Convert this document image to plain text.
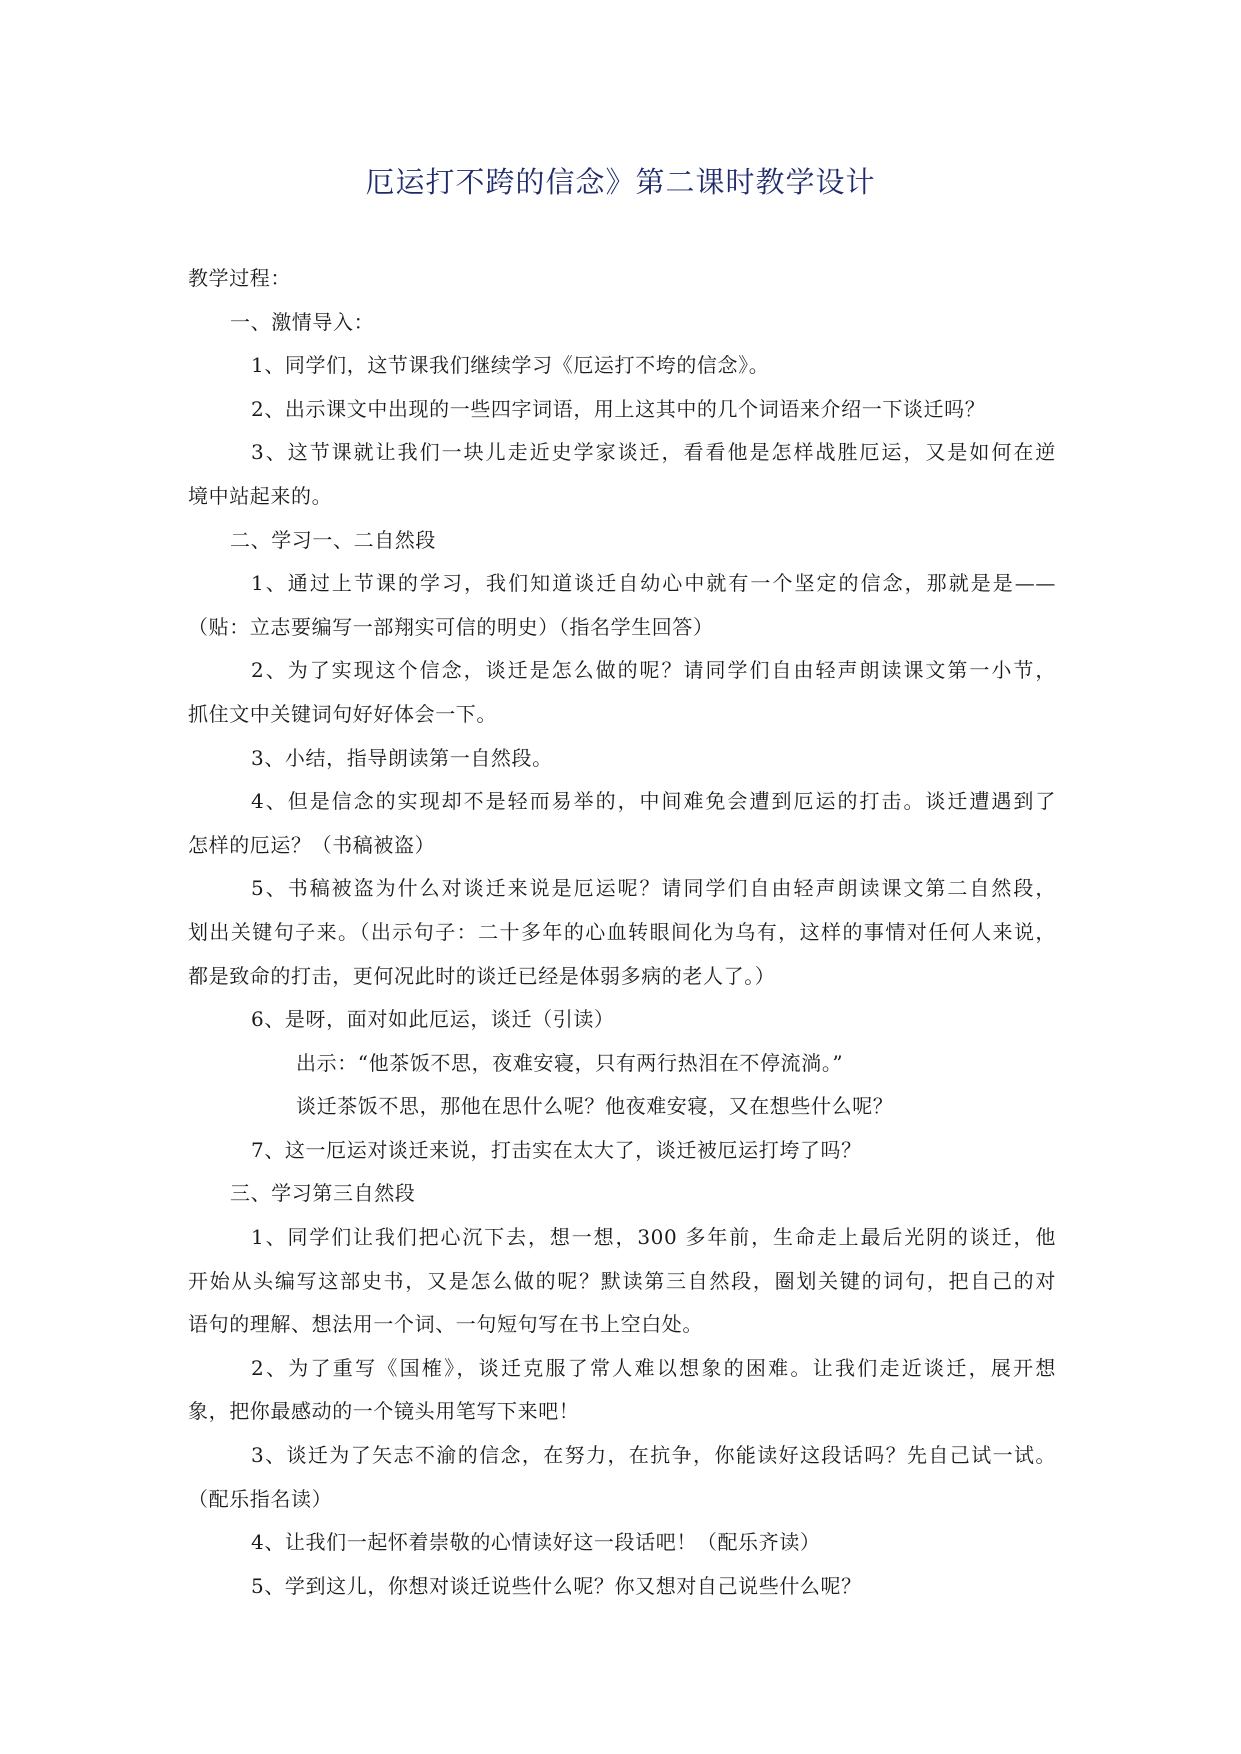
厄运打不跨的信念》第二课时教学设计
教学过程：
一、激情导入：
1、同学们，这节课我们继续学习《厄运打不垮的信念》。
2、出示课文中出现的一些四字词语，用上这其中的几个词语来介绍一下谈迁吗？
3、这节课就让我们一块儿走近史学家谈迁，看看他是怎样战胜厄运，又是如何在逆
境中站起来的。
二、学习一、二自然段
1、通过上节课的学习，我们知道谈迁自幼心中就有一个坚定的信念，那就是是——
（贴：立志要编写一部翔实可信的明史）（指名学生回答）
2、为了实现这个信念，谈迁是怎么做的呢？请同学们自由轻声朗读课文第一小节，
抓住文中关键词句好好体会一下。
3、小结，指导朗读第一自然段。
4、但是信念的实现却不是轻而易举的，中间难免会遭到厄运的打击。谈迁遭遇到了
怎样的厄运？（书稿被盗）
5、书稿被盗为什么对谈迁来说是厄运呢？请同学们自由轻声朗读课文第二自然段，
划出关键句子来。（出示句子：二十多年的心血转眼间化为乌有，这样的事情对任何人来说，
都是致命的打击，更何况此时的谈迁已经是体弱多病的老人了。）
6、是呀，面对如此厄运，谈迁（引读）
出示：“他茶饭不思，夜难安寝，只有两行热泪在不停流淌。”
谈迁茶饭不思，那他在思什么呢？他夜难安寝，又在想些什么呢？
7、这一厄运对谈迁来说，打击实在太大了，谈迁被厄运打垮了吗？
三、学习第三自然段
1、同学们让我们把心沉下去，想一想，300 多年前，生命走上最后光阴的谈迁，他
开始从头编写这部史书，又是怎么做的呢？默读第三自然段，圈划关键的词句，把自己的对
语句的理解、想法用一个词、一句短句写在书上空白处。
2、为了重写《国榷》，谈迁克服了常人难以想象的困难。让我们走近谈迁，展开想
象，把你最感动的一个镜头用笔写下来吧！
3、谈迁为了矢志不渝的信念，在努力，在抗争，你能读好这段话吗？先自己试一试。
（配乐指名读）
4、让我们一起怀着崇敬的心情读好这一段话吧！（配乐齐读）
5、学到这儿，你想对谈迁说些什么呢？你又想对自己说些什么呢？
